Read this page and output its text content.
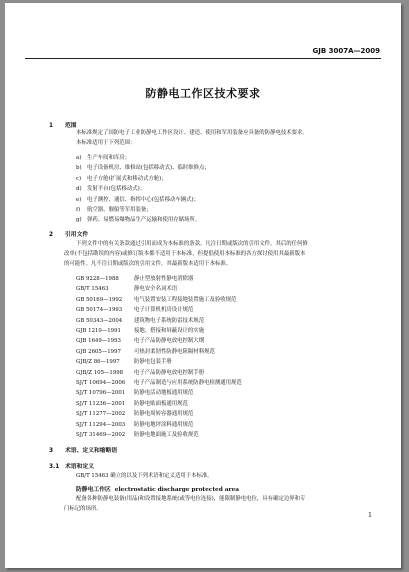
GJB 3007A—2009
防静电工作区技术要求
1 范围
本标准规定了国防电子工业防静电工作区设计、建造、使用和军用装备应具备的防静电技术要求。
本标准适用于下列范围：
a) 生产车间和库房；
b) 电子设备机房、维修站(包括移动式)、临时维修点；
c) 电子方舱(扩展式和移动式方舱)；
d) 发射平台(包括移动式)；
e) 电子测控、通信、指挥中心(包括移动车辆式)；
f) 航空器、舰船等军用装备；
g) 弹药、易燃易爆物品生产运输和使用存储场所。
2 引用文件
下列文件中的有关条款通过引用而成为本标准的条款。凡注日期或版次的引用文件，其后的任何修
改单(不包括勘误的内容)或修订版本都不适用于本标准，但提倡使用本标准的各方探讨使用其最新版本
的可能性。凡不注日期或版次的引用文件，其最新版本适用于本标准。
GB 9228—1988	静止型放射性静电消除器
GB/T 15463	静电安全名词术语
GB 50169—1992 电气装置安装工程接地装置施工及验收规范
GB 50174—1993 电子计算机机房设计规范
GB 50343—2004 建筑物电子系统防雷技术规范
GJB 1210—1991 接地、搭接和屏蔽设计的实施
GJB 1649—1993 电子产品防静电放电控制大纲
GJB 2605—1997 可热封柔韧性防静电阻隔材料规范
GJB/Z 86—1997	防静电包装手册
GJB/Z 105—1998 电子产品防静电放电控制手册
SJ/T 10694—2006 电子产品制造与应用系统防静电检测通用规范
SJ/T 10796—2001 防静电活动地板通用规范
SJ/T 11236—2001 防静电贴面板通用规范
SJ/T 11277—2002 防静电周转容器通用规范
SJ/T 11294—2003 防静电地坪涂料通用规范
SJ/T 31469—2002 防静电地面施工及验收规范
3 术语、定义和缩略语
3.1 术语和定义
GB/T 15463 确立的以及下列术语和定义适用于本标准。
防静电工作区 electrostatic discharge protected area
配备各种防静电装备(用品)和设置接地系统(或等电位连接)，能限制静电电位，具有确定边界和专
门标记的场所。
1
